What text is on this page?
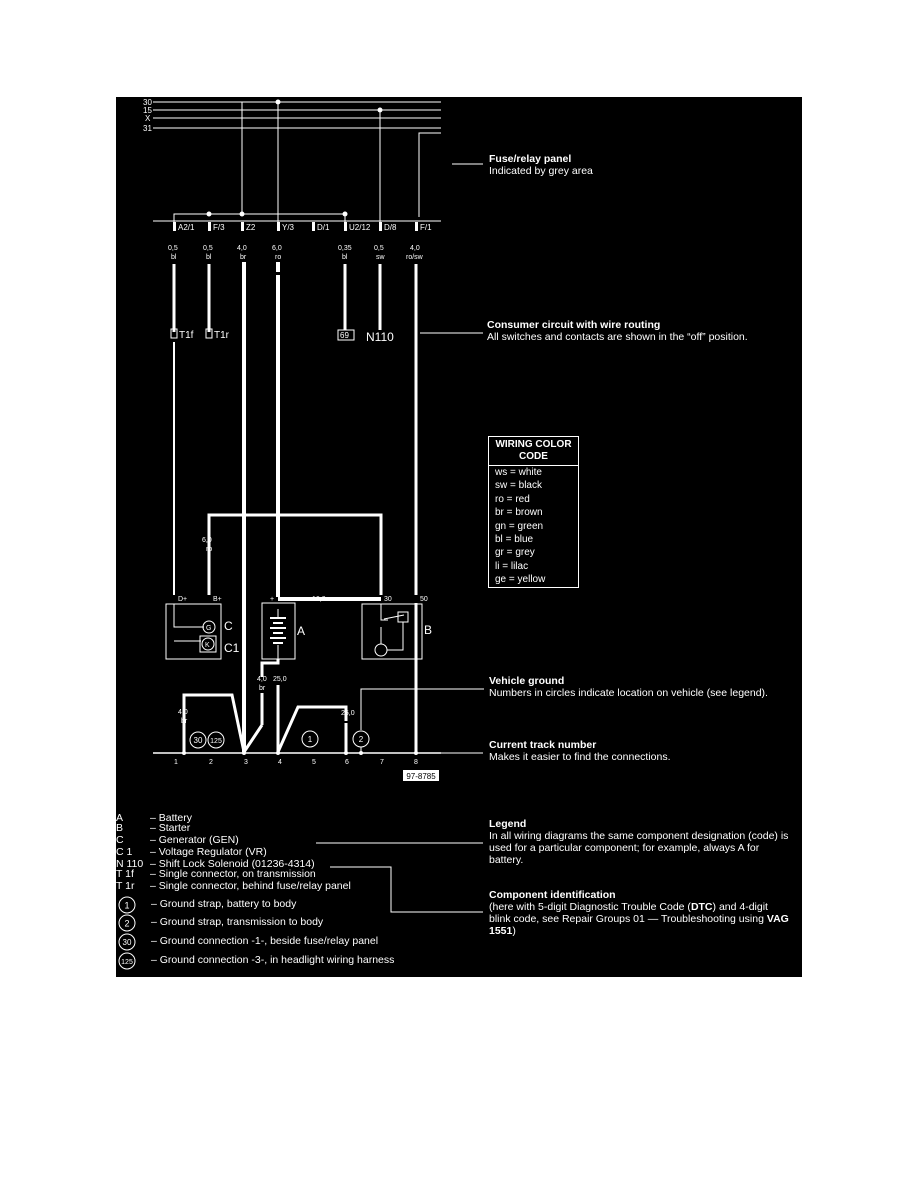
30
15
X
31
A2/1 F/3	Z2	Y/3	D/1 U2/12 D/8	F/1
0,5
bl
0,5
bl
4,0
br
6,0
ro
0,35
bl
0,5
sw
4,0
ro/sw
T1f T1r	69 N110
6,0
ro
D+	B+	+	16,0	30	50
G
K
C
C1
A	B
4,0
br
25,0
4,0
br
25,0
30 125	1	2
1	2	3	4	5	6	7	8
97-8785
Fuse/relay panel
Indicated by grey area
Consumer circuit with wire routing
All switches and contacts are shown in the “off” position.
Vehicle ground
Numbers in circles indicate location on vehicle (see legend).
Current track number
Makes it easier to find the connections.
Legend
In all wiring diagrams the same component designation (code) is used for a particular component; for example, always A for battery.
Component identification
(here with 5-digit Diagnostic Trouble Code (DTC) and 4-digit blink code, see Repair Groups 01 — Troubleshooting using VAG 1551)
WIRING COLOR CODE
ws = white
sw = black
ro = red
br = brown
gn = green
bl = blue
gr = grey
li = lilac
ge = yellow
A	– Battery
B	– Starter
C	– Generator (GEN)
C 1 – Voltage Regulator (VR)
N 110 – Shift Lock Solenoid (01236-4314)
T 1f – Single connector, on transmission
T 1r – Single connector, behind fuse/relay panel
1 – Ground strap, battery to body
2 – Ground strap, transmission to body
30 – Ground connection -1-, beside fuse/relay panel
125 – Ground connection -3-, in headlight wiring harness
